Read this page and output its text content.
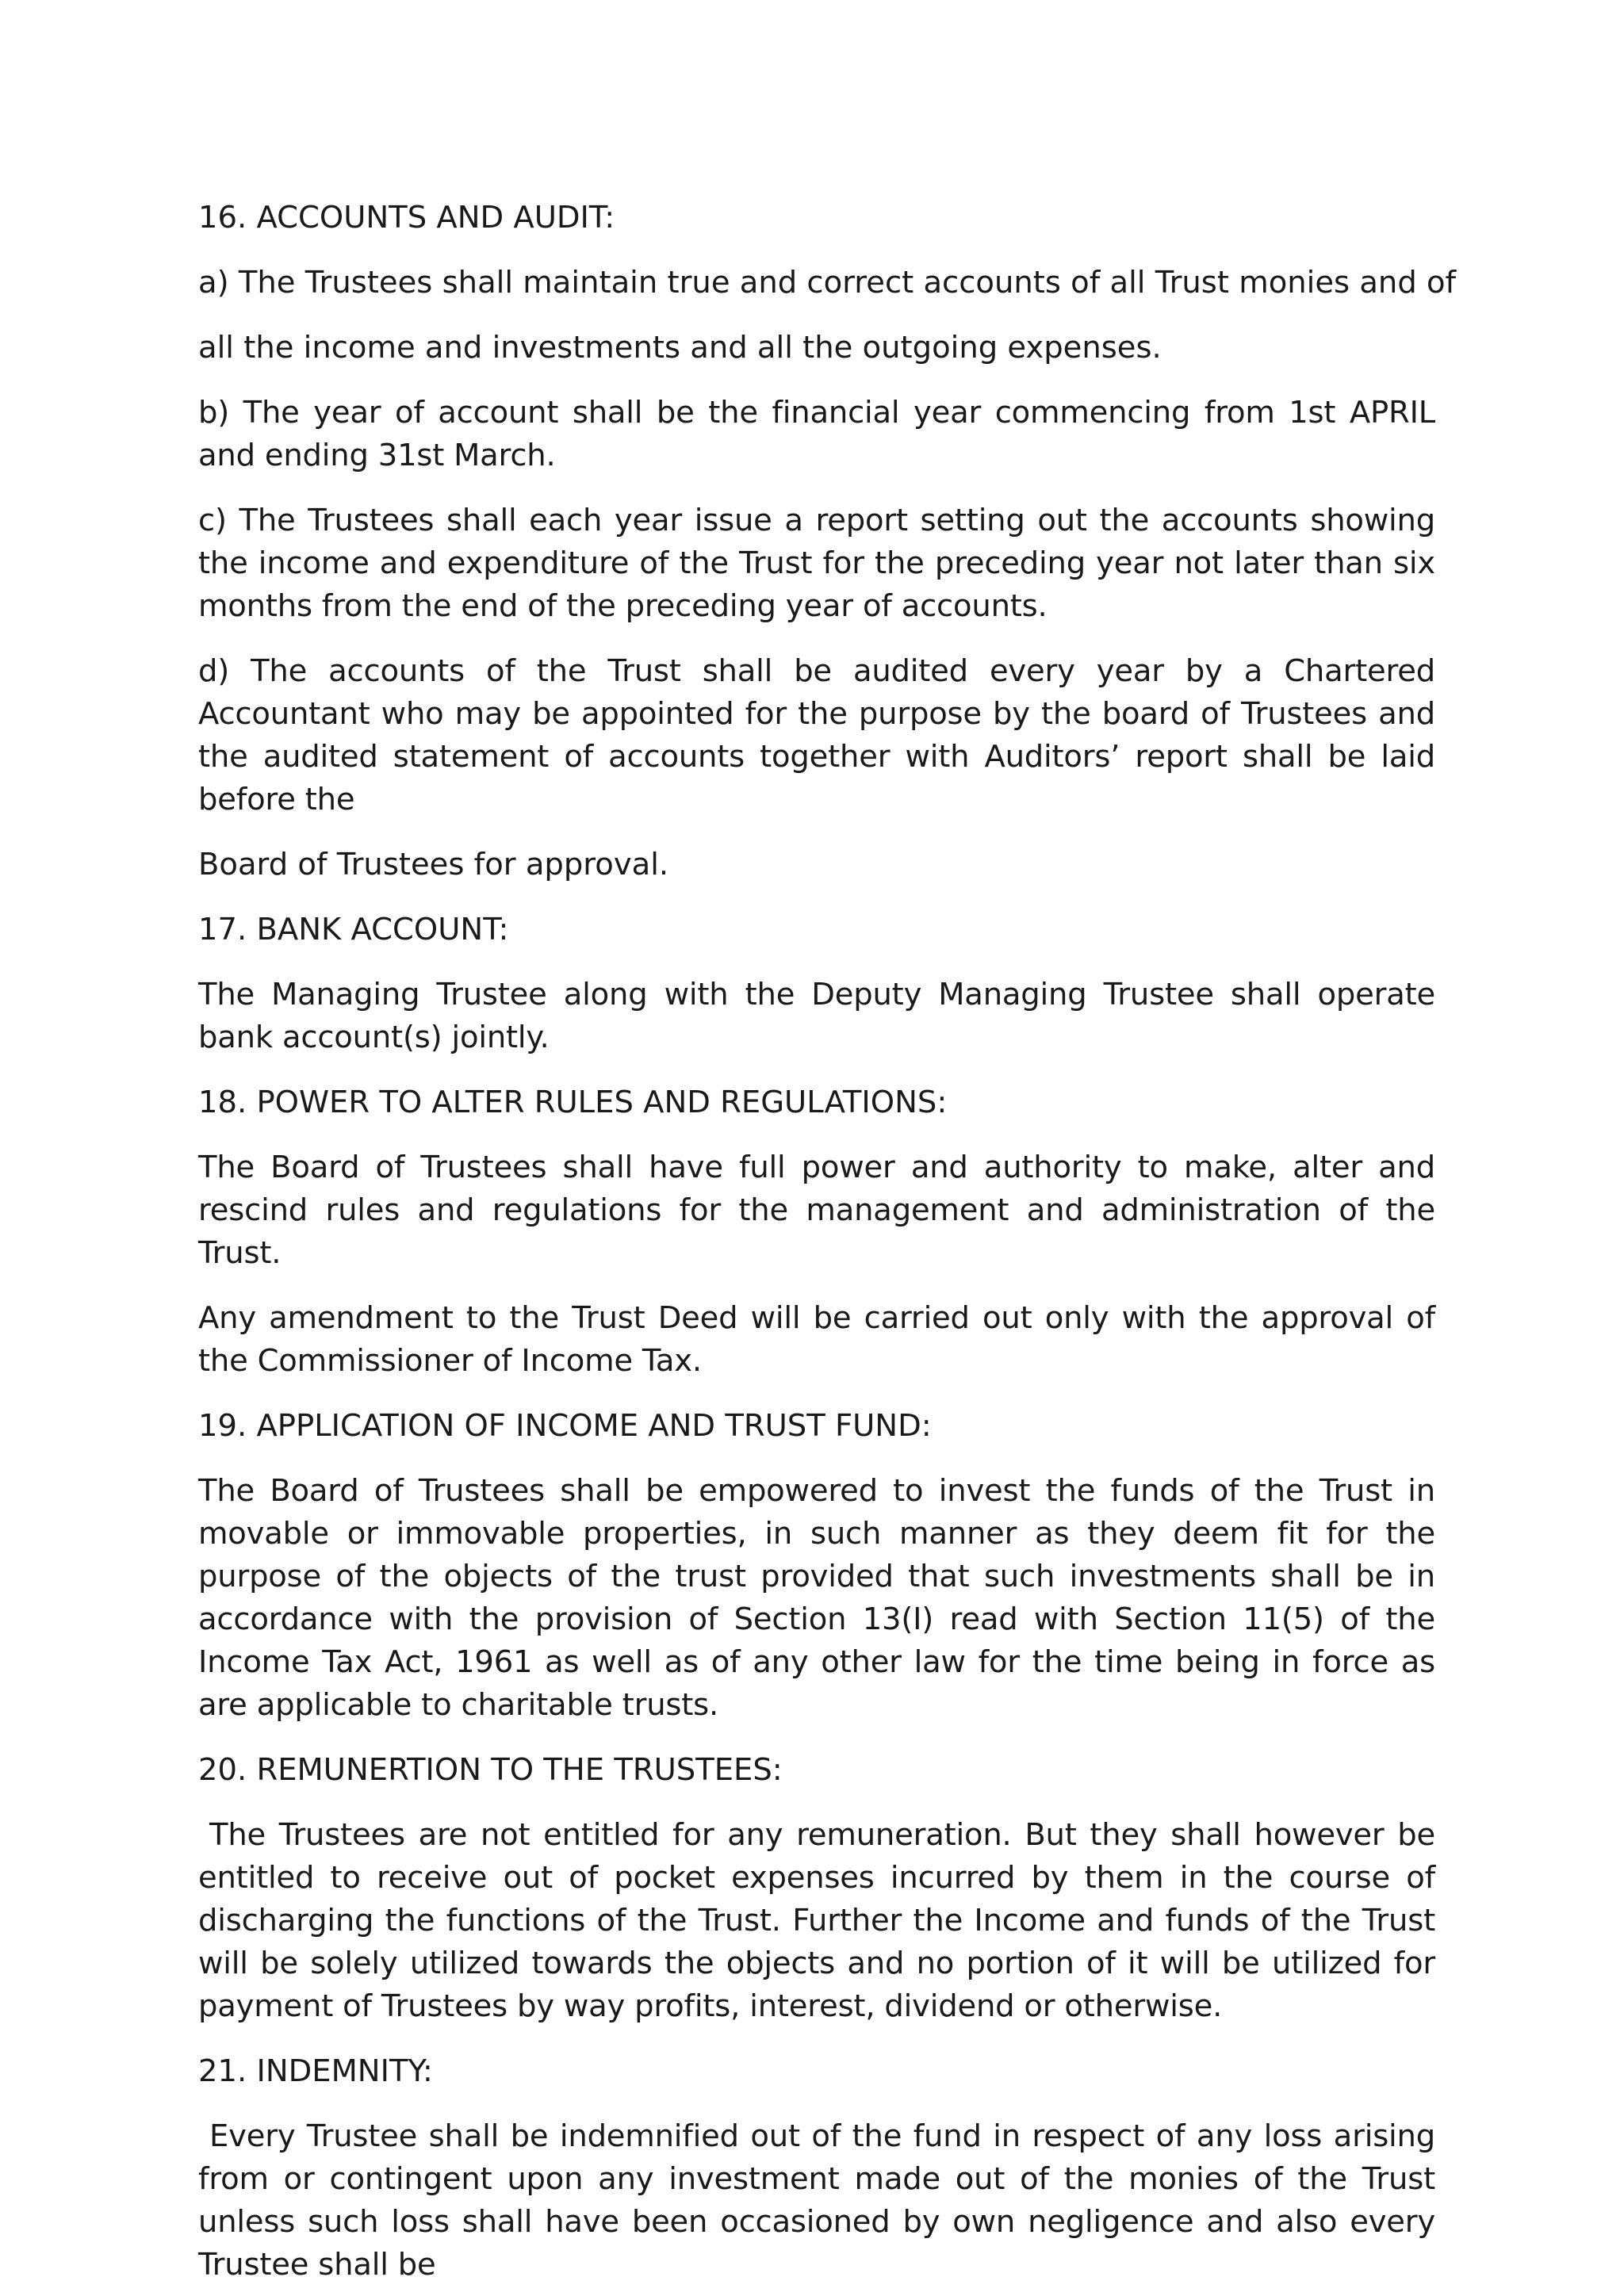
16. ACCOUNTS AND AUDIT:

a) The Trustees shall maintain true and correct accounts of all Trust monies and of

all the income and investments and all the outgoing expenses.

b) The year of account shall be the financial year commencing from 1st APRIL and ending 31st March.

c) The Trustees shall each year issue a report setting out the accounts showing the income and expenditure of the Trust for the preceding year not later than six months from the end of the preceding year of accounts.

d) The accounts of the Trust shall be audited every year by a Chartered Accountant who may be appointed for the purpose by the board of Trustees and the audited statement of accounts together with Auditors’ report shall be laid before the

Board of Trustees for approval.

17. BANK ACCOUNT:

The Managing Trustee along with the Deputy Managing Trustee shall operate bank account(s) jointly.

18. POWER TO ALTER RULES AND REGULATIONS:

The Board of Trustees shall have full power and authority to make, alter and rescind rules and regulations for the management and administration of the Trust.

Any amendment to the Trust Deed will be carried out only with the approval of the Commissioner of Income Tax.

19. APPLICATION OF INCOME AND TRUST FUND:

The Board of Trustees shall be empowered to invest the funds of the Trust in movable or immovable properties, in such manner as they deem fit for the purpose of the objects of the trust provided that such investments shall be in accordance with the provision of Section 13(I) read with Section 11(5) of the Income Tax Act, 1961 as well as of any other law for the time being in force as are applicable to charitable trusts.

20. REMUNERTION TO THE TRUSTEES:

The Trustees are not entitled for any remuneration. But they shall however be entitled to receive out of pocket expenses incurred by them in the course of discharging the functions of the Trust. Further the Income and funds of the Trust will be solely utilized towards the objects and no portion of it will be utilized for payment of Trustees by way profits, interest, dividend or otherwise.

21. INDEMNITY:

Every Trustee shall be indemnified out of the fund in respect of any loss arising from or contingent upon any investment made out of the monies of the Trust unless such loss shall have been occasioned by own negligence and also every Trustee shall be
